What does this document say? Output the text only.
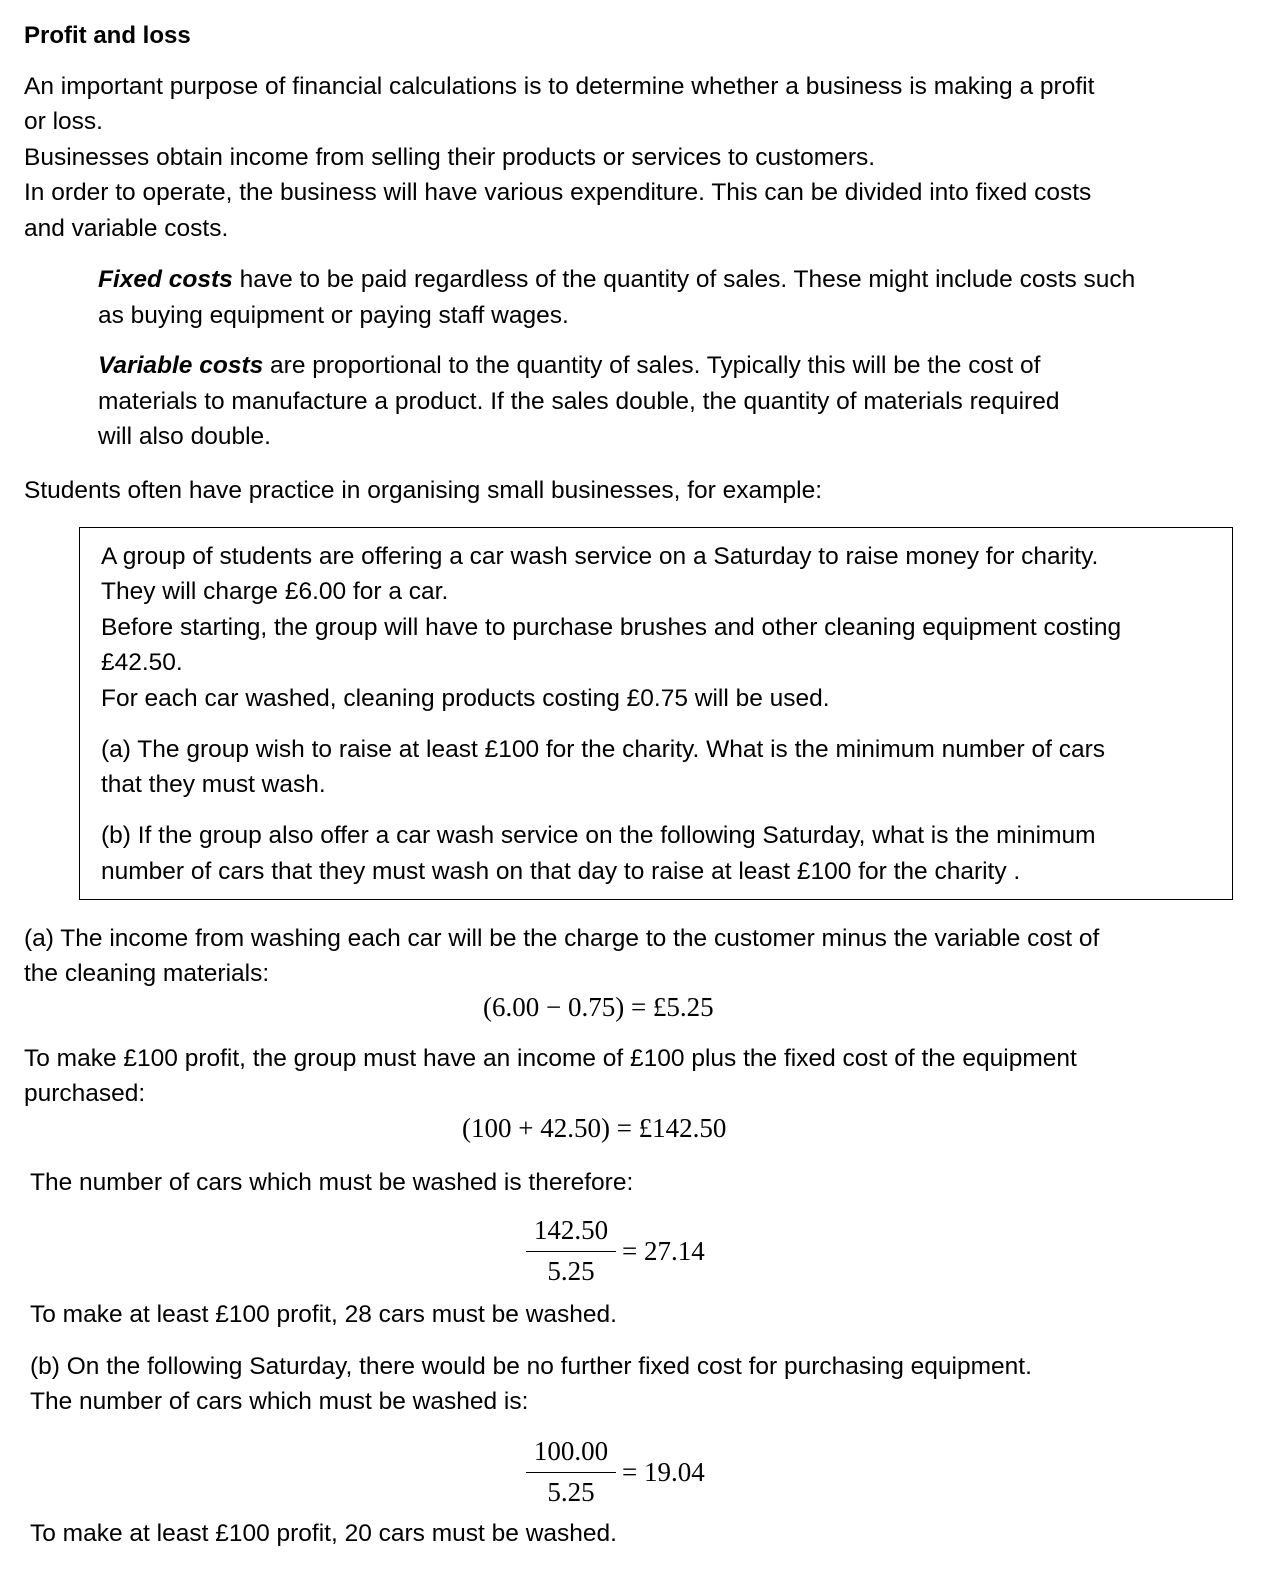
Profit and loss
An important purpose of financial calculations is to determine whether a business is making a profit
or loss.
Businesses obtain income from selling their products or services to customers.
In order to operate, the business will have various expenditure. This can be divided into fixed costs
and variable costs.
Fixed costs have to be paid regardless of the quantity of sales. These might include costs such
as buying equipment or paying staff wages.
Variable costs are proportional to the quantity of sales. Typically this will be the cost of
materials to manufacture a product. If the sales double, the quantity of materials required
will also double.
Students often have practice in organising small businesses, for example:
A group of students are offering a car wash service on a Saturday to raise money for charity.
They will charge £6.00 for a car.
Before starting, the group will have to purchase brushes and other cleaning equipment costing
£42.50.
For each car washed, cleaning products costing £0.75 will be used.
(a) The group wish to raise at least £100 for the charity. What is the minimum number of cars
that they must wash.
(b) If the group also offer a car wash service on the following Saturday, what is the minimum
number of cars that they must wash on that day to raise at least £100 for the charity .
(a) The income from washing each car will be the charge to the customer minus the variable cost of
the cleaning materials:
(6.00 − 0.75) = £5.25
To make £100 profit, the group must have an income of £100 plus the fixed cost of the equipment
purchased:
(100 + 42.50) = £142.50
The number of cars which must be washed is therefore:
142.50
5.25
= 27.14
To make at least £100 profit, 28 cars must be washed.
(b) On the following Saturday, there would be no further fixed cost for purchasing equipment.
The number of cars which must be washed is:
100.00
5.25
= 19.04
To make at least £100 profit, 20 cars must be washed.
